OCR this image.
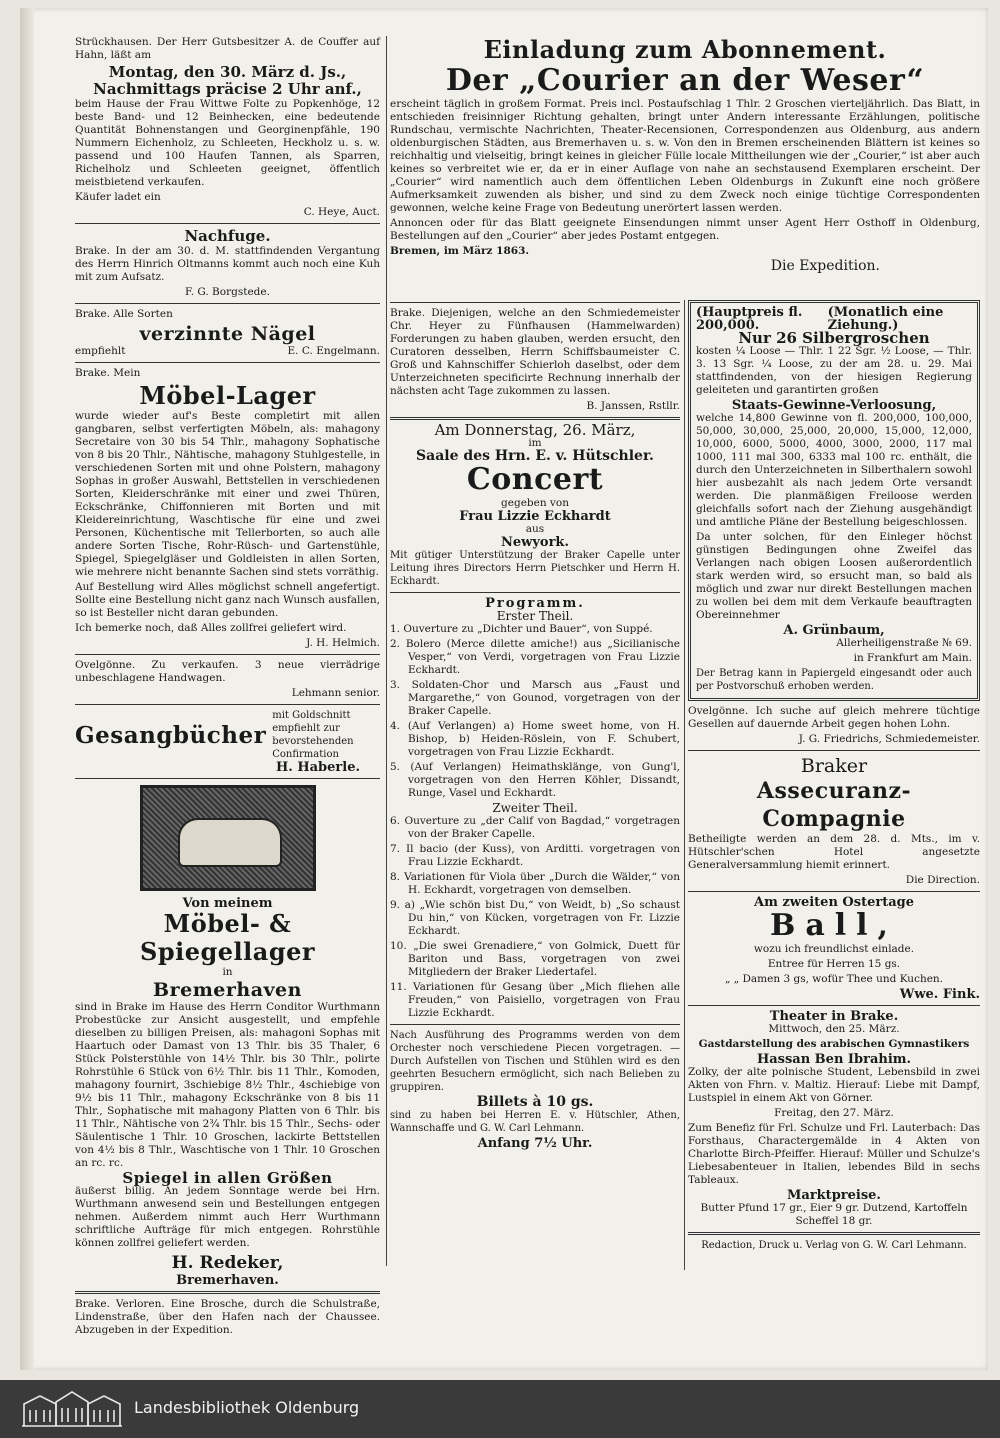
Strückhausen. Der Herr Gutsbesitzer A. de Couffer auf Hahn, läßt am

Montag, den 30. März d. Js.,
Nachmittags präcise 2 Uhr anf.,

beim Hause der Frau Wittwe Folte zu Popkenhöge, 12 beste Band- und 12 Beinhecken, eine bedeutende Quantität Bohnenstangen und Georginenpfähle, 190 Nummern Eichenholz, zu Schleeten, Heckholz u. s. w. passend und 100 Haufen Tannen, als Sparren, Richelholz und Schleeten geeignet, öffentlich meistbietend verkaufen.

Käufer ladet ein

C. Heye, Auct.

Nachfuge.

Brake. In der am 30. d. M. stattfindenden Vergantung des Herrn Hinrich Oltmanns kommt auch noch eine Kuh mit zum Aufsatz.

F. G. Borgstede.

Brake. Alle Sorten

verzinnte Nägel

empfiehlt	E. C. Engelmann.

Brake. Mein

Möbel-Lager

wurde wieder auf's Beste completirt mit allen gangbaren, selbst verfertigten Möbeln, als: mahagony Secretaire von 30 bis 54 Thlr., mahagony Sophatische von 8 bis 20 Thlr., Nähtische, mahagony Stuhlgestelle, in verschiedenen Sorten mit und ohne Polstern, mahagony Sophas in großer Auswahl, Bettstellen in verschiedenen Sorten, Kleiderschränke mit einer und zwei Thüren, Eckschränke, Chiffonnieren mit Borten und mit Kleidereinrichtung, Waschtische für eine und zwei Personen, Küchentische mit Tellerborten, so auch alle andere Sorten Tische, Rohr-Rüsch- und Gartenstühle, Spiegel, Spiegelgläser und Goldleisten in allen Sorten, wie mehrere nicht benannte Sachen sind stets vorräthig.

Auf Bestellung wird Alles möglichst schnell angefertigt. Sollte eine Bestellung nicht ganz nach Wunsch ausfallen, so ist Besteller nicht daran gebunden.

Ich bemerke noch, daß Alles zollfrei geliefert wird.

J. H. Helmich.

Ovelgönne. Zu verkaufen. 3 neue vierrädrige unbeschlagene Handwagen.

Lehmann senior.

Gesangbücher
mit Goldschnitt empfiehlt zur bevorstehenden Confirmation
H. Haberle.
Von meinem
Möbel- & Spiegellager
in
Bremerhaven

sind in Brake im Hause des Herrn Conditor Wurthmann Probestücke zur Ansicht ausgestellt, und empfehle dieselben zu billigen Preisen, als: mahagoni Sophas mit Haartuch oder Damast von 13 Thlr. bis 35 Thaler, 6 Stück Polsterstühle von 14½ Thlr. bis 30 Thlr., polirte Rohrstühle 6 Stück von 6½ Thlr. bis 11 Thlr., Komoden, mahagony fournirt, 3schiebige 8½ Thlr., 4schiebige von 9½ bis 11 Thlr., mahagony Eckschränke von 8 bis 11 Thlr., Sophatische mit mahagony Platten von 6 Thlr. bis 11 Thlr., Nähtische von 2¾ Thlr. bis 15 Thlr., Sechs- oder Säulentische 1 Thlr. 10 Groschen, lackirte Bettstellen von 4½ bis 8 Thlr., Waschtische von 1 Thlr. 10 Groschen an rc. rc.

Spiegel in allen Größen

äußerst billig. An jedem Sonntage werde bei Hrn. Wurthmann anwesend sein und Bestellungen entgegen nehmen. Außerdem nimmt auch Herr Wurthmann schriftliche Aufträge für mich entgegen. Rohrstühle können zollfrei geliefert werden.

H. Redeker,
Bremerhaven.

Brake. Verloren. Eine Brosche, durch die Schulstraße, Lindenstraße, über den Hafen nach der Chaussee. Abzugeben in der Expedition.

Einladung zum Abonnement.
Der „Courier an der Weser“

erscheint täglich in großem Format. Preis incl. Postaufschlag 1 Thlr. 2 Groschen vierteljährlich. Das Blatt, in entschieden freisinniger Richtung gehalten, bringt unter Andern interessante Erzählungen, politische Rundschau, vermischte Nachrichten, Theater-Recensionen, Correspondenzen aus Oldenburg, aus andern oldenburgischen Städten, aus Bremerhaven u. s. w. Von den in Bremen erscheinenden Blättern ist keines so reichhaltig und vielseitig, bringt keines in gleicher Fülle locale Mittheilungen wie der „Courier,“ ist aber auch keines so verbreitet wie er, da er in einer Auflage von nahe an sechstausend Exemplaren erscheint. Der „Courier“ wird namentlich auch dem öffentlichen Leben Oldenburgs in Zukunft eine noch größere Aufmerksamkeit zuwenden als bisher, und sind zu dem Zweck noch einige tüchtige Correspondenten gewonnen, welche keine Frage von Bedeutung unerörtert lassen werden.

Annoncen oder für das Blatt geeignete Einsendungen nimmt unser Agent Herr Osthoff in Oldenburg, Bestellungen auf den „Courier“ aber jedes Postamt entgegen.

Bremen, im März 1863.

Die Expedition.

Brake. Diejenigen, welche an den Schmiedemeister Chr. Heyer zu Fünfhausen (Hammelwarden) Forderungen zu haben glauben, werden ersucht, den Curatoren desselben, Herrn Schiffsbaumeister C. Groß und Kahnschiffer Schierloh daselbst, oder dem Unterzeichneten specificirte Rechnung innerhalb der nächsten acht Tage zukommen zu lassen.

B. Janssen, Rstllr.

Am Donnerstag, 26. März,
im
Saale des Hrn. E. v. Hütschler.
Concert
gegeben von
Frau Lizzie Eckhardt
aus
Newyork.

Mit gütiger Unterstützung der Braker Capelle unter Leitung ihres Directors Herrn Pietschker und Herrn H. Eckhardt.

Programm.
Erster Theil.

1. Ouverture zu „Dichter und Bauer“, von Suppé.

2. Bolero (Merce dilette amiche!) aus „Sicilianische Vesper,“ von Verdi, vorgetragen von Frau Lizzie Eckhardt.

3. Soldaten-Chor und Marsch aus „Faust und Margarethe,“ von Gounod, vorgetragen von der Braker Capelle.

4. (Auf Verlangen) a) Home sweet home, von H. Bishop, b) Heiden-Röslein, von F. Schubert, vorgetragen von Frau Lizzie Eckhardt.

5. (Auf Verlangen) Heimathsklänge, von Gung'l, vorgetragen von den Herren Köhler, Dissandt, Runge, Vasel und Eckhardt.

Zweiter Theil.

6. Ouverture zu „der Calif von Bagdad,“ vorgetragen von der Braker Capelle.

7. Il bacio (der Kuss), von Arditti. vorgetragen von Frau Lizzie Eckhardt.

8. Variationen für Viola über „Durch die Wälder,“ von H. Eckhardt, vorgetragen von demselben.

9. a) „Wie schön bist Du,“ von Weidt, b) „So schaust Du hin,“ von Kücken, vorgetragen von Fr. Lizzie Eckhardt.

10. „Die swei Grenadiere,“ von Golmick, Duett für Bariton und Bass, vorgetragen von zwei Mitgliedern der Braker Liedertafel.

11. Variationen für Gesang über „Mich fliehen alle Freuden,“ von Paisiello, vorgetragen von Frau Lizzie Eckhardt.

Nach Ausführung des Programms werden von dem Orchester noch verschiedene Piecen vorgetragen. — Durch Aufstellen von Tischen und Stühlen wird es den geehrten Besuchern ermöglicht, sich nach Belieben zu gruppiren.

Billets à 10 gs.

sind zu haben bei Herren E. v. Hütschler, Athen, Wannschaffe und G. W. Carl Lehmann.

Anfang 7½ Uhr.
(Hauptpreis fl. 200,000.
(Monatlich eine Ziehung.)
Nur 26 Silbergroschen

kosten ¼ Loose — Thlr. 1 22 Sgr. ½ Loose, — Thlr. 3. 13 Sgr. ¼ Loose, zu der am 28. u. 29. Mai stattfindenden, von der hiesigen Regierung geleiteten und garantirten großen

Staats-Gewinne-Verloosung,

welche 14,800 Gewinne von fl. 200,000, 100,000, 50,000, 30,000, 25,000, 20,000, 15,000, 12,000, 10,000, 6000, 5000, 4000, 3000, 2000, 117 mal 1000, 111 mal 300, 6333 mal 100 rc. enthält, die durch den Unterzeichneten in Silberthalern sowohl hier ausbezahlt als nach jedem Orte versandt werden. Die planmäßigen Freiloose werden gleichfalls sofort nach der Ziehung ausgehändigt und amtliche Pläne der Bestellung beigeschlossen.

Da unter solchen, für den Einleger höchst günstigen Bedingungen ohne Zweifel das Verlangen nach obigen Loosen außerordentlich stark werden wird, so ersucht man, so bald als möglich und zwar nur direkt Bestellungen machen zu wollen bei dem mit dem Verkaufe beauftragten Obereinnehmer

A. Grünbaum,

Allerheiligenstraße № 69.

in Frankfurt am Main.

Der Betrag kann in Papiergeld eingesandt oder auch per Postvorschuß erhoben werden.

Ovelgönne. Ich suche auf gleich mehrere tüchtige Gesellen auf dauernde Arbeit gegen hohen Lohn.

J. G. Friedrichs, Schmiedemeister.

Braker
Assecuranz-Compagnie

Betheiligte werden an dem 28. d. Mts., im v. Hütschler'schen Hotel angesetzte Generalversammlung hiemit erinnert.

Die Direction.

Am zweiten Ostertage
Ball,

wozu ich freundlichst einlade.

Entree für Herren 15 gs.

„ „ Damen 3 gs, wofür Thee und Kuchen.

Wwe. Fink.

Theater in Brake.

Mittwoch, den 25. März.

Gastdarstellung des arabischen Gymnastikers

Hassan Ben Ibrahim.

Zolky, der alte polnische Student, Lebensbild in zwei Akten von Fhrn. v. Maltiz. Hierauf: Liebe mit Dampf, Lustspiel in einem Akt von Görner.

Freitag, den 27. März.

Zum Benefiz für Frl. Schulze und Frl. Lauterbach: Das Forsthaus, Charactergemälde in 4 Akten von Charlotte Birch-Pfeiffer. Hierauf: Müller und Schulze's Liebesabenteuer in Italien, lebendes Bild in sechs Tableaux.

Marktpreise.

Butter Pfund 17 gr., Eier 9 gr. Dutzend, Kartoffeln Scheffel 18 gr.

Redaction, Druck u. Verlag von G. W. Carl Lehmann.

Landesbibliothek Oldenburg
